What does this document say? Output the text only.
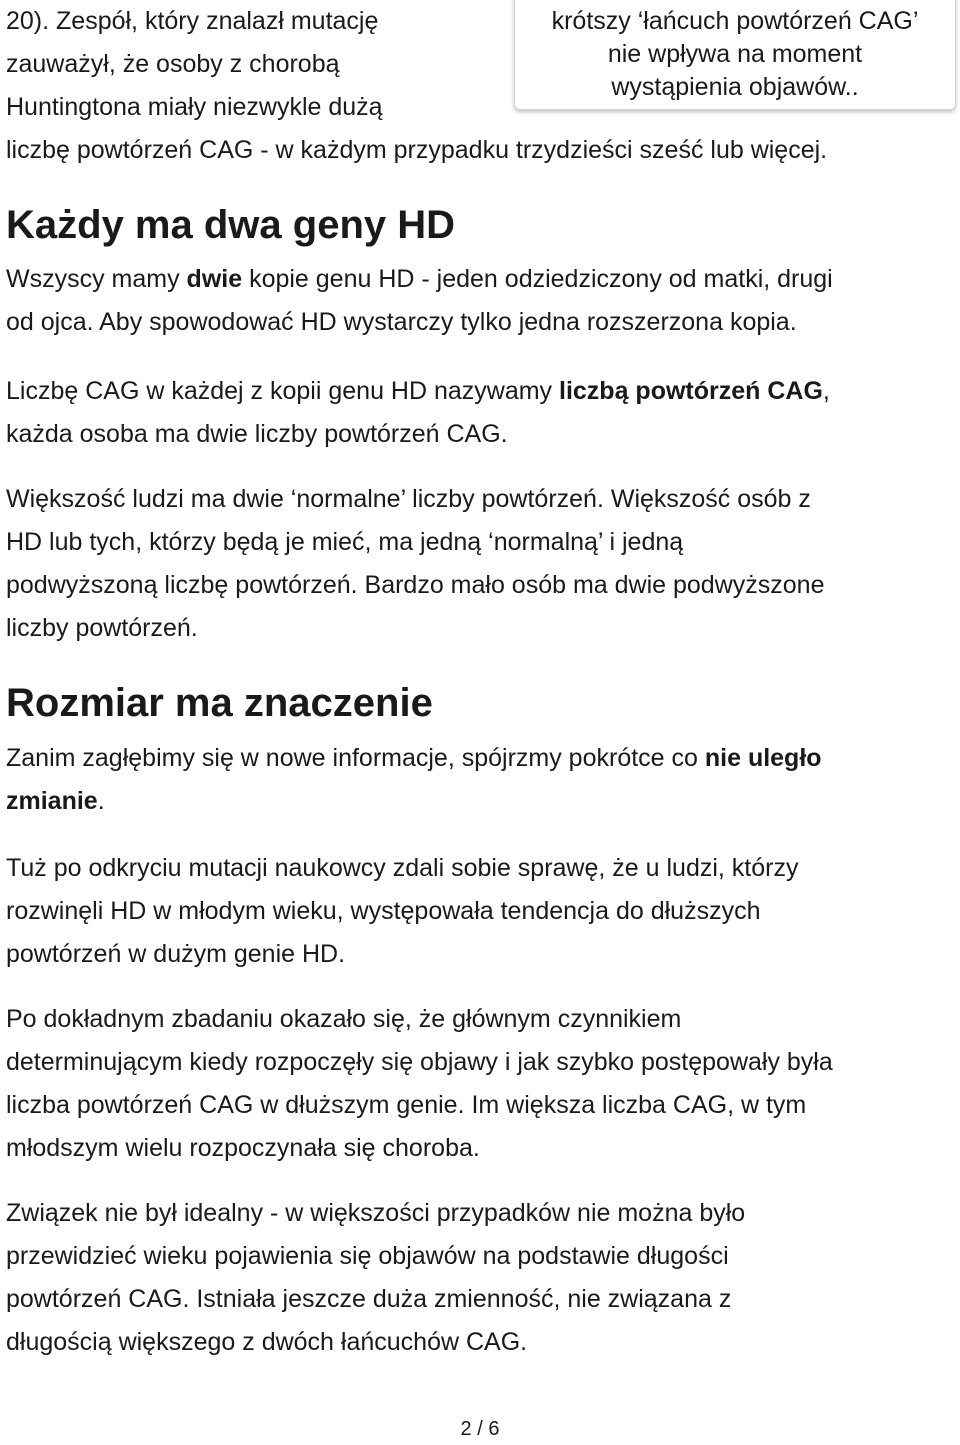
20). Zespół, który znalazł mutację
zauważył, że osoby z chorobą
Huntingtona miały niezwykle dużą
liczbę powtórzeń CAG - w każdym przypadku trzydzieści sześć lub więcej.
krótszy ‘łańcuch powtórzeń CAG’
nie wpływa na moment
wystąpienia objawów..
Każdy ma dwa geny HD
Wszyscy mamy dwie kopie genu HD - jeden odziedziczony od matki, drugi
od ojca. Aby spowodować HD wystarczy tylko jedna rozszerzona kopia.
Liczbę CAG w każdej z kopii genu HD nazywamy liczbą powtórzeń CAG,
każda osoba ma dwie liczby powtórzeń CAG.
Większość ludzi ma dwie ‘normalne’ liczby powtórzeń. Większość osób z
HD lub tych, którzy będą je mieć, ma jedną ‘normalną’ i jedną
podwyższoną liczbę powtórzeń. Bardzo mało osób ma dwie podwyższone
liczby powtórzeń.
Rozmiar ma znaczenie
Zanim zagłębimy się w nowe informacje, spójrzmy pokrótce co nie uległo
zmianie.
Tuż po odkryciu mutacji naukowcy zdali sobie sprawę, że u ludzi, którzy
rozwinęli HD w młodym wieku, występowała tendencja do dłuższych
powtórzeń w dużym genie HD.
Po dokładnym zbadaniu okazało się, że głównym czynnikiem
determinującym kiedy rozpoczęły się objawy i jak szybko postępowały była
liczba powtórzeń CAG w dłuższym genie. Im większa liczba CAG, w tym
młodszym wielu rozpoczynała się choroba.
Związek nie był idealny - w większości przypadków nie można było
przewidzieć wieku pojawienia się objawów na podstawie długości
powtórzeń CAG. Istniała jeszcze duża zmienność, nie związana z
długością większego z dwóch łańcuchów CAG.
2 / 6
